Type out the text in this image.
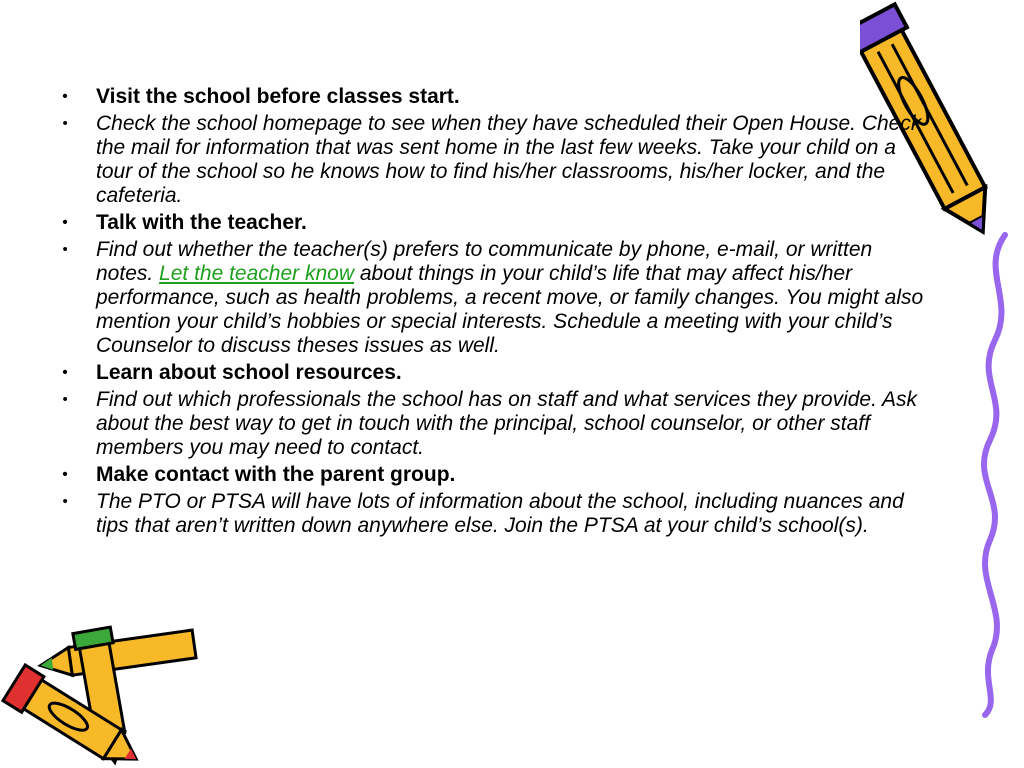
•	Visit the school before classes start.
•	Check the school homepage to see when they have scheduled their Open House. Check the mail for information that was sent home in the last few weeks. Take your child on a tour of the school so he knows how to find his/her classrooms, his/her locker, and the cafeteria.
•	Talk with the teacher.
•	Find out whether the teacher(s) prefers to communicate by phone, e-mail, or written notes. Let the teacher know about things in your child’s life that may affect his/her performance, such as health problems, a recent move, or family changes. You might also mention your child’s hobbies or special interests. Schedule a meeting with your child’s Counselor to discuss theses issues as well.
•	Learn about school resources.
•	Find out which professionals the school has on staff and what services they provide. Ask about the best way to get in touch with the principal, school counselor, or other staff members you may need to contact.
•	Make contact with the parent group.
•	The PTO or PTSA will have lots of information about the school, including nuances and tips that aren’t written down anywhere else. Join the PTSA at your child’s school(s).
